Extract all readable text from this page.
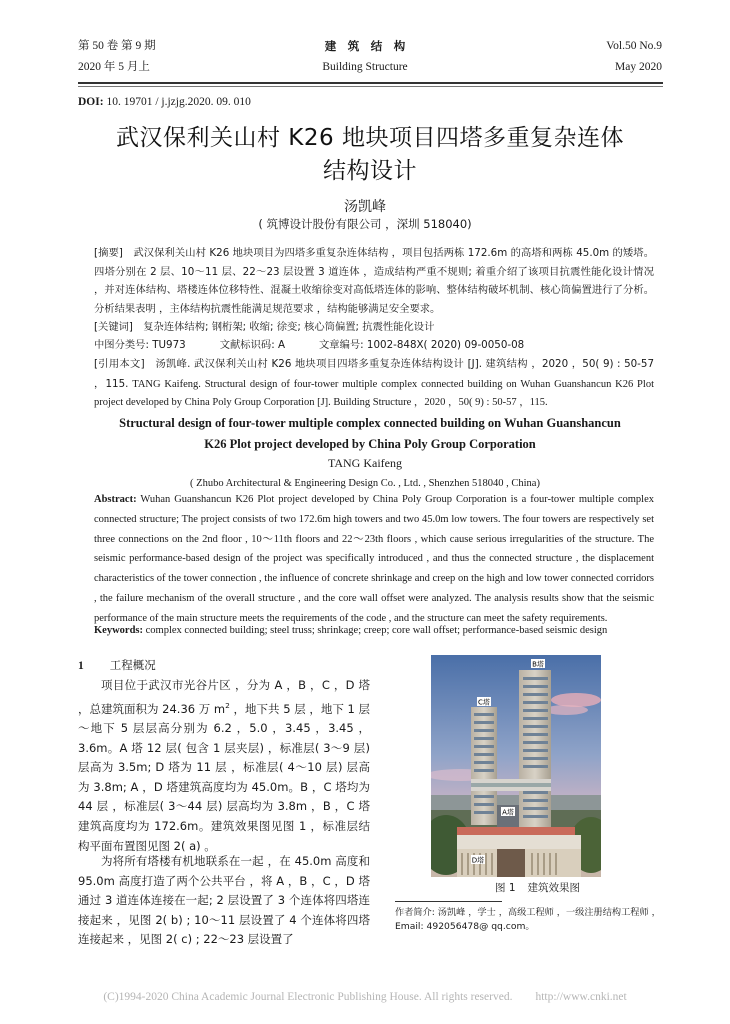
第 50 卷 第 9 期
2020 年 5 月上
建　筑　结　构
Building Structure
Vol.50 No.9
May 2020
DOI: 10. 19701 / j.jzjg.2020. 09. 010
武汉保利关山村 K26 地块项目四塔多重复杂连体
结构设计
汤凯峰
( 筑博设计股份有限公司 ，深圳 518040)
[摘要]　武汉保利关山村 K26 地块项目为四塔多重复杂连体结构 ，项目包括两栋 172.6m 的高塔和两栋 45.0m 的矮塔。四塔分别在 2 层、10～11 层、22～23 层设置 3 道连体 ，造成结构严重不规则; 着重介绍了该项目抗震性能化设计情况 ，并对连体结构、塔楼连体位移特性、混凝土收缩徐变对高低塔连体的影响、整体结构破坏机制、核心筒偏置进行了分析。分析结果表明 ，主体结构抗震性能满足规范要求 ，结构能够满足安全要求。
[关键词]　复杂连体结构; 钢桁架; 收缩; 徐变; 核心筒偏置; 抗震性能化设计
中图分类号: TU973	文献标识码: A	文章编号: 1002-848X( 2020) 09-0050-08
[引用本文]　汤凯峰. 武汉保利关山村 K26 地块项目四塔多重复杂连体结构设计 [J]. 建筑结构 ，2020 ，50( 9) : 50-57 ，115. TANG Kaifeng. Structural design of four-tower multiple complex connected building on Wuhan Guanshancun K26 Plot project developed by China Poly Group Corporation [J]. Building Structure ，2020 ，50( 9) : 50-57 ，115.
Structural design of four-tower multiple complex connected building on Wuhan Guanshancun
K26 Plot project developed by China Poly Group Corporation
TANG Kaifeng
( Zhubo Architectural & Engineering Design Co. , Ltd. , Shenzhen 518040 , China)
Abstract: Wuhan Guanshancun K26 Plot project developed by China Poly Group Corporation is a four-tower multiple complex connected structure; The project consists of two 172.6m high towers and two 45.0m low towers. The four towers are respectively set three connections on the 2nd floor , 10～11th floors and 22～23th floors , which cause serious irregularities of the structure. The seismic performance-based design of the project was specifically introduced , and thus the connected structure , the displacement characteristics of the tower connection , the influence of concrete shrinkage and creep on the high and low tower connected corridors , the failure mechanism of the overall structure , and the core wall offset were analyzed. The analysis results show that the seismic performance of the main structure meets the requirements of the code , and the structure can meet the safety requirements.
Keywords: complex connected building; steel truss; shrinkage; creep; core wall offset; performance-based seismic design
1 工程概况
项目位于武汉市光谷片区 ，分为 A ，B ，C ，D 塔 ，总建筑面积为 24.36 万 $m^2$ ，地下共 5 层 ，地下 1 层～地下 5 层层高分别为 6.2 ，5.0 ，3.45 ，3.45 ，3.6m。A 塔 12 层( 包含 1 层夹层) ，标准层( 3～9 层) 层高为 3.5m; D 塔为 11 层 ，标准层( 4～10 层) 层高为 3.8m; A ，D 塔建筑高度均为 45.0m。B ，C 塔均为 44 层 ，标准层( 3～44 层) 层高均为 3.8m ，B ，C 塔建筑高度均为 172.6m。建筑效果图见图 1 ，标准层结构平面布置图见图 2( a) 。
为将所有塔楼有机地联系在一起 ，在 45.0m 高度和 95.0m 高度打造了两个公共平台 ，将 A ，B ，C ，D 塔通过 3 道连体连接在一起; 2 层设置了 3 个连体将四塔连接起来 ，见图 2( b) ; 10～11 层设置了 4 个连体将四塔连接起来 ，见图 2( c) ; 22～23 层设置了
B塔
C塔
A塔
D塔
图 1 建筑效果图
作者简介: 汤凯峰 ，学士 ，高级工程师 ，一级注册结构工程师 ，Email: 492056478@ qq.com。
(C)1994-2020 China Academic Journal Electronic Publishing House. All rights reserved.　　http://www.cnki.net
